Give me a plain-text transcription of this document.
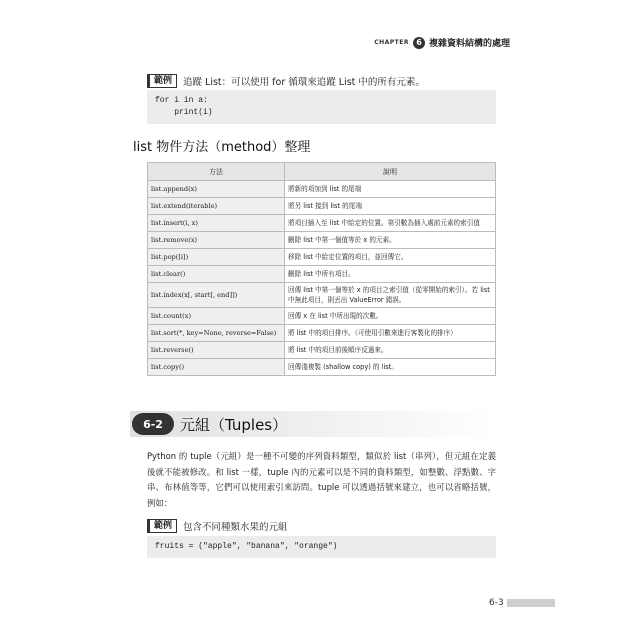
CHAPTER 6 複雜資料結構的處理
範例	追蹤 List：可以使用 for 循環來追蹤 List 中的所有元素。
for i in a:
print(i)
list 物件方法（method）整理
方法	說明
list.append(x)	將新的項加到 list 的尾端
list.extend(iterable)	將另 list 接到 list 的尾端
list.insert(i, x)	將項目插入至 list 中給定的位置。第引數為插入處前元素的索引值
list.remove(x)	刪除 list 中第一個值等於 x 的元素。
list.pop([i])	移除 list 中給定位置的項目，並回傳它。
list.clear()	刪除 list 中所有項目。
list.index(x[, start[, end]])	回傳 list 中第一個等於 x 的項目之索引值（從零開始的索引）。若 list 中無此項目，則丟出 ValueError 錯誤。
list.count(x)	回傳 x 在 list 中所出現的次數。
list.sort(*, key=None, reverse=False)	將 list 中的項目排序。（可使用引數來進行客製化的排序）
list.reverse()	將 list 中的項目前後順序反過來。
list.copy()	回傳淺複製 (shallow copy) 的 list。
6-2	元組（Tuples）
Python 的 tuple（元組）是一種不可變的序列資料類型，類似於 list（串列），但元組在定義後就不能被修改。和 list 一樣，tuple 內的元素可以是不同的資料類型，如整數、浮點數、字串、布林值等等，它們可以使用索引來訪問。tuple 可以透過括號來建立，也可以省略括號，例如：
範例	包含不同種類水果的元組
fruits = ("apple", "banana", "orange")
6-3
